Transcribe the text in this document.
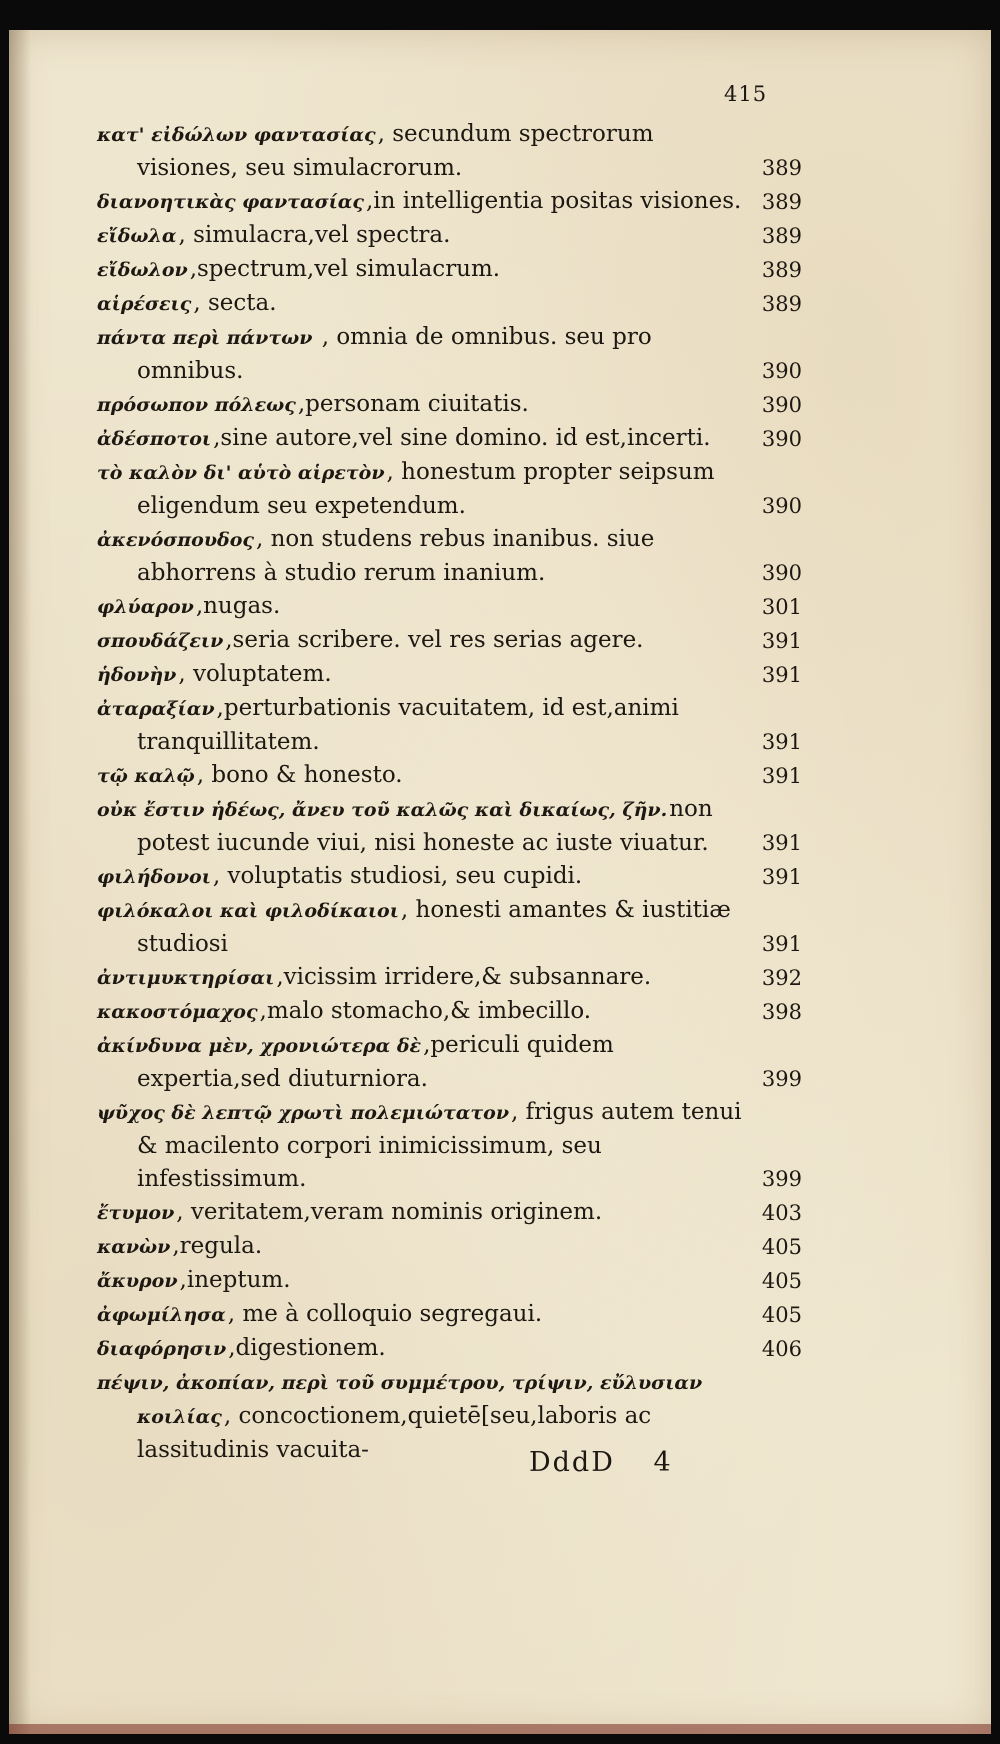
415
κατ' εἰδώλων φαντασίας, secundum spectrorum visiones, seu simulacrorum.	389
διανοητικὰς φαντασίας,in intelligentia positas visiones. 389
εἴδωλα, simulacra,vel spectra.	389
εἴδωλον,spectrum,vel simulacrum.	389
αἱρέσεις, secta.	389
πάντα περὶ πάντων , omnia de omnibus. seu pro omnibus.	390
πρόσωπον πόλεως,personam ciuitatis.	390
ἀδέσποτοι,sine autore,vel sine domino. id est,incerti.	390
τὸ καλὸν δι' αὑτὸ αἱρετὸν, honestum propter seipsum eligendum seu expetendum.	390
ἀκενόσπουδος, non studens rebus inanibus. siue abhorrens à studio rerum inanium.	390
φλύαρον,nugas.	301
σπουδάζειν,seria scribere. vel res serias agere.	391
ἡδονὴν, voluptatem.	391
ἀταραξίαν,perturbationis vacuitatem, id est,animi tranquillitatem.	391
τῷ καλῷ, bono & honesto.	391
οὐκ ἔστιν ἡδέως, ἄνευ τοῦ καλῶς καὶ δικαίως, ζῆν.non potest iucunde viui, nisi honeste ac iuste viuatur.	391
φιλήδονοι, voluptatis studiosi, seu cupidi.	391
φιλόκαλοι καὶ φιλοδίκαιοι, honesti amantes & iustitiæ studiosi	391
ἀντιμυκτηρίσαι,vicissim irridere,& subsannare.	392
κακοστόμαχος,malo stomacho,& imbecillo.	398
ἀκίνδυνα μὲν, χρονιώτερα δὲ,periculi quidem expertia,sed diuturniora.	399
ψῦχος δὲ λεπτῷ χρωτὶ πολεμιώτατον, frigus autem tenui & macilento corpori inimicissimum, seu infestissimum.	399
ἔτυμον, veritatem,veram nominis originem.	403
κανὼν,regula.	405
ἄκυρον,ineptum.	405
ἀφωμίλησα, me à colloquio segregaui.	405
διαφόρησιν,digestionem.	406
πέψιν, ἀκοπίαν, περὶ τοῦ συμμέτρου, τρίψιν, εὔλυσιαν κοιλίας, concoctionem,quietē[seu,laboris ac lassitudinis vacuita-	DddD 4
